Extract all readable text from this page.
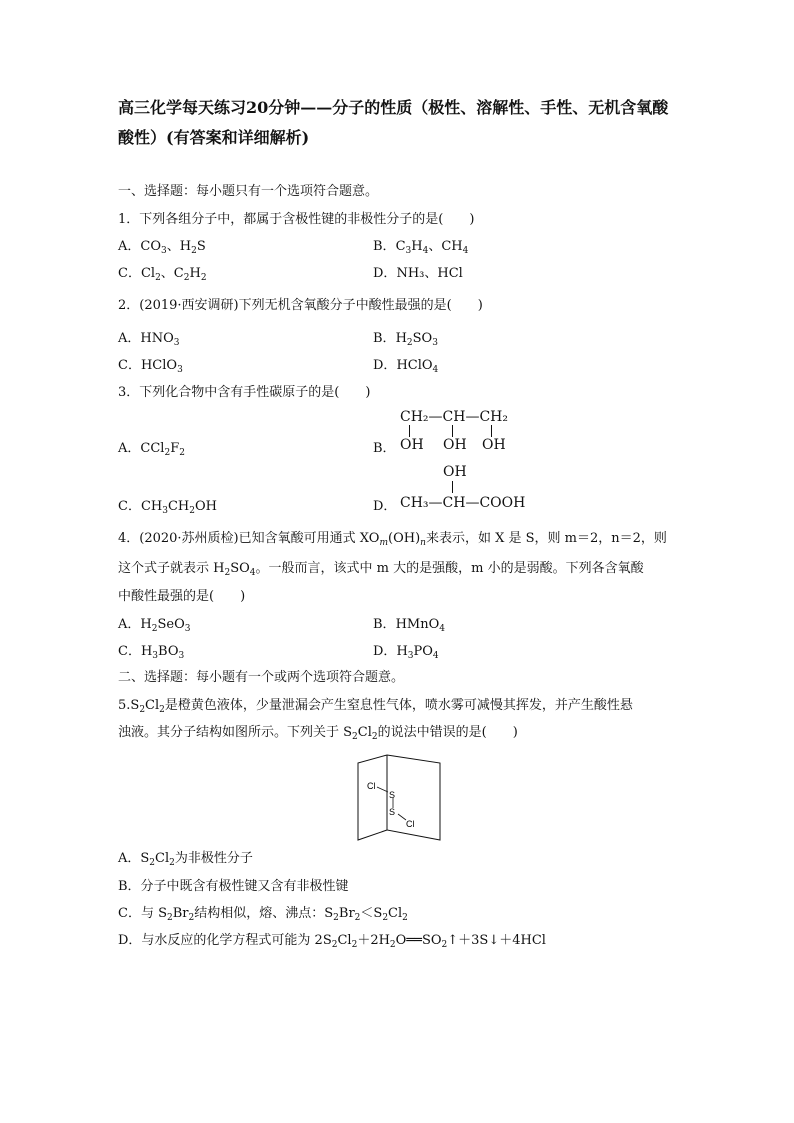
高三化学每天练习20分钟——分子的性质（极性、溶解性、手性、无机含氧酸
酸性）(有答案和详细解析)
一、选择题：每小题只有一个选项符合题意。
1．下列各组分子中，都属于含极性键的非极性分子的是(　　)
A．$CO_3$、$H_2S$	B．$C_3H_4$、$CH_4$
C．$Cl_2$、$C_2H_2$	D．NH₃、HCl
2．(2019·西安调研)下列无机含氧酸分子中酸性最强的是(　　)
A．$HNO_3$	B．$H_2SO_3$
C．HClO$_3$	D．HClO$_4$
3．下列化合物中含有手性碳原子的是(　　)
A．$CCl_2F_2$	B．
CH₂—CH—CH₂
OH OH OH
C．$CH_3CH_2OH$	D．
OH
CH₃—CH—COOH
4．(2020·苏州质检)已知含氧酸可用通式 $XO_m(OH)_n$来表示，如 X 是 S，则 m＝2，n＝2，则
这个式子就表示 $H_2SO_4$。一般而言，该式中 m 大的是强酸，m 小的是弱酸。下列各含氧酸
中酸性最强的是(　　)
A．$H_2SeO_3$	B．HMnO$_4$
C．$H_3BO_3$	D．$H_3PO_4$
二、选择题：每小题有一个或两个选项符合题意。
$5.S_2Cl_2$是橙黄色液体，少量泄漏会产生窒息性气体，喷水雾可减慢其挥发，并产生酸性悬
浊液。其分子结构如图所示。下列关于 $S_2Cl_2$的说法中错误的是(　　)
Cl
S
S
Cl
A．$S_2Cl_2$为非极性分子
B．分子中既含有极性键又含有非极性键
C．与 $S_2Br_2$结构相似，熔、沸点：$S_2Br_2<S_2Cl_2$
D．与水反应的化学方程式可能为 $2S_2Cl_2+2H_2O══SO_2↑+3S↓+4HCl$
